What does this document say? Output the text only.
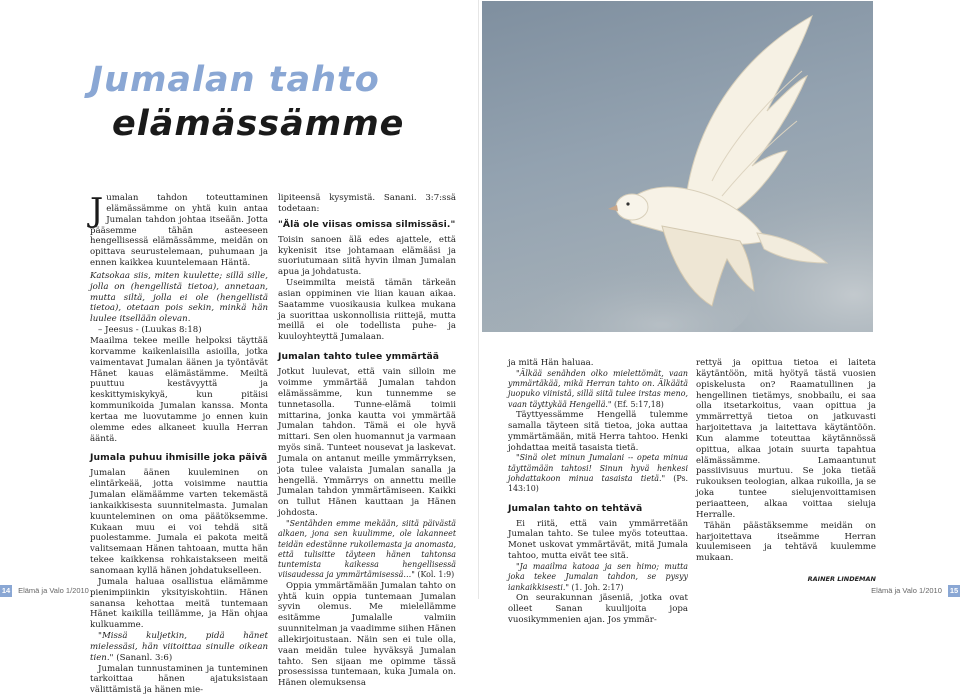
Jumalan tahto
elämässämme

Jumalan tahdon toteuttaminen elämässämme on yhtä kuin antaa Jumalan tahdon johtaa itseään. Jotta pääsemme tähän asteeseen hengellisessä elämässämme, meidän on opittava seurustelemaan, puhumaan ja ennen kaikkea kuuntelemaan Häntä.

Katsokaa siis, miten kuulette; sillä sille, jolla on (hengellistä tietoa), annetaan, mutta siltä, jolla ei ole (hengellistä tietoa), otetaan pois sekin, minkä hän luulee itsellään olevan.

– Jeesus - (Luukas 8:18)

Maailma tekee meille helpoksi täyttää korvamme kaikenlaisilla asioilla, jotka vaimentavat Jumalan äänen ja työntävät Hänet kauas elämästämme. Meiltä puuttuu kestävyyttä ja keskittymiskykyä, kun pitäisi kommunikoida Jumalan kanssa. Monta kertaa me luovutamme jo ennen kuin olemme edes alkaneet kuulla Herran ääntä.

Jumala puhuu ihmisille joka päivä

Jumalan äänen kuuleminen on elintärkeää, jotta voisimme nauttia Jumalan elämäämme varten tekemästä iankaikkisesta suunnitelmasta. Jumalan kuunteleminen on oma päätöksemme. Kukaan muu ei voi tehdä sitä puolestamme. Jumala ei pakota meitä valitsemaan Hänen tahtoaan, mutta hän tekee kaikkensa rohkaistakseen meitä sanomaan kyllä hänen johdatukselleen.

Jumala haluaa osallistua elämämme pienimpiinkin yksityiskohtiin. Hänen sanansa kehottaa meitä tuntemaan Hänet kaikilla teillämme, ja Hän ohjaa kulkuamme.

"Missä kuljetkin, pidä hänet mielessäsi, hän viitoittaa sinulle oikean tien." (Sananl. 3:6)

Jumalan tunnustaminen ja tunteminen tarkoittaa hänen ajatuksistaan välittämistä ja hänen mie-

lipiteensä kysymistä. Sanani. 3:7:ssä todetaan:

"Älä ole viisas omissa silmissäsi."

Toisin sanoen älä edes ajattele, että kykenisit itse johtamaan elämääsi ja suoriutumaan siitä hyvin ilman Jumalan apua ja johdatusta.

Useimmilta meistä tämän tärkeän asian oppiminen vie liian kauan aikaa. Saatamme vuosikausia kulkea mukana ja suorittaa uskonnollisia riittejä, mutta meillä ei ole todellista puhe- ja kuuloyhteyttä Jumalaan.

Jumalan tahto tulee ymmärtää

Jotkut luulevat, että vain silloin me voimme ymmärtää Jumalan tahdon elämässämme, kun tunnemme se tunnetasolla. Tunne-elämä toimii mittarina, jonka kautta voi ymmärtää Jumalan tahdon. Tämä ei ole hyvä mittari. Sen olen huomannut ja varmaan myös sinä. Tunteet nousevat ja laskevat. Jumala on antanut meille ymmärryksen, jota tulee valaista Jumalan sanalla ja hengellä. Ymmärrys on annettu meille Jumalan tahdon ymmärtämiseen. Kaikki on tullut Hänen kauttaan ja Hänen johdosta.

"Sentähden emme mekään, siitä päivästä alkaen, jona sen kuulimme, ole lakanneet teidän edestänne rukoilemasta ja anomasta, että tulisitte täyteen hänen tahtonsa tuntemista kaikessa hengellisessä viisaudessa ja ymmärtämisessä…" (Kol. 1:9)

Oppia ymmärtämään Jumalan tahto on yhtä kuin oppia tuntemaan Jumalan syvin olemus. Me mielellämme esitämme Jumalalle valmiin suunnitelman ja vaadimme siihen Hänen allekirjoitustaan. Näin sen ei tule olla, vaan meidän tulee hyväksyä Jumalan tahto. Sen sijaan me opimme tässä prosessissa tuntemaan, kuka Jumala on. Hänen olemuksensa

ja mitä Hän haluaa.

"Älkää senähden olko mielettömät, vaan ymmärtäkää, mikä Herran tahto on. Älkäätä juopuko viinistä, sillä siitä tulee irstas meno, vaan täyttykää Hengellä." (Ef. 5:17,18)

Täyttyessämme Hengellä tulemme samalla täyteen sitä tietoa, joka auttaa ymmärtämään, mitä Herra tahtoo. Henki johdattaa meitä tasaista tietä.

"Sinä olet minun Jumalani -- opeta minua täyttämään tahtosi! Sinun hyvä henkesi johdattakoon minua tasaista tietä." (Ps. 143:10)

Jumalan tahto on tehtävä

Ei riitä, että vain ymmärretään Jumalan tahto. Se tulee myös toteuttaa. Monet uskovat ymmärtävät, mitä Jumala tahtoo, mutta eivät tee sitä.

"Ja maailma katoaa ja sen himo; mutta joka tekee Jumalan tahdon, se pysyy iankaikkisesti." (1. Joh. 2:17)

On seurakunnan jäseniä, jotka ovat olleet Sanan kuulijoita jopa vuosikymmenien ajan. Jos ymmär-

rettyä ja opittua tietoa ei laiteta käytäntöön, mitä hyötyä tästä vuosien opiskelusta on? Raamatullinen ja hengellinen tietämys, snobbailu, ei saa olla itsetarkoitus, vaan opittua ja ymmärrettyä tietoa on jatkuvasti harjoitettava ja laitettava käytäntöön. Kun alamme toteuttaa käytännössä opittua, alkaa jotain suurta tapahtua elämässämme. Lamaantunut passiivisuus murtuu. Se joka tietää rukouksen teologian, alkaa rukoilla, ja se joka tuntee sielujenvoittamisen periaatteen, alkaa voittaa sieluja Herralle.

Tähän päästäksemme meidän on harjoitettava itseämme Herran kuulemiseen ja tehtävä kuulemme mukaan.

RAINER LINDEMAN
14 Elämä ja Valo 1/2010	Elämä ja Valo 1/2010 15
